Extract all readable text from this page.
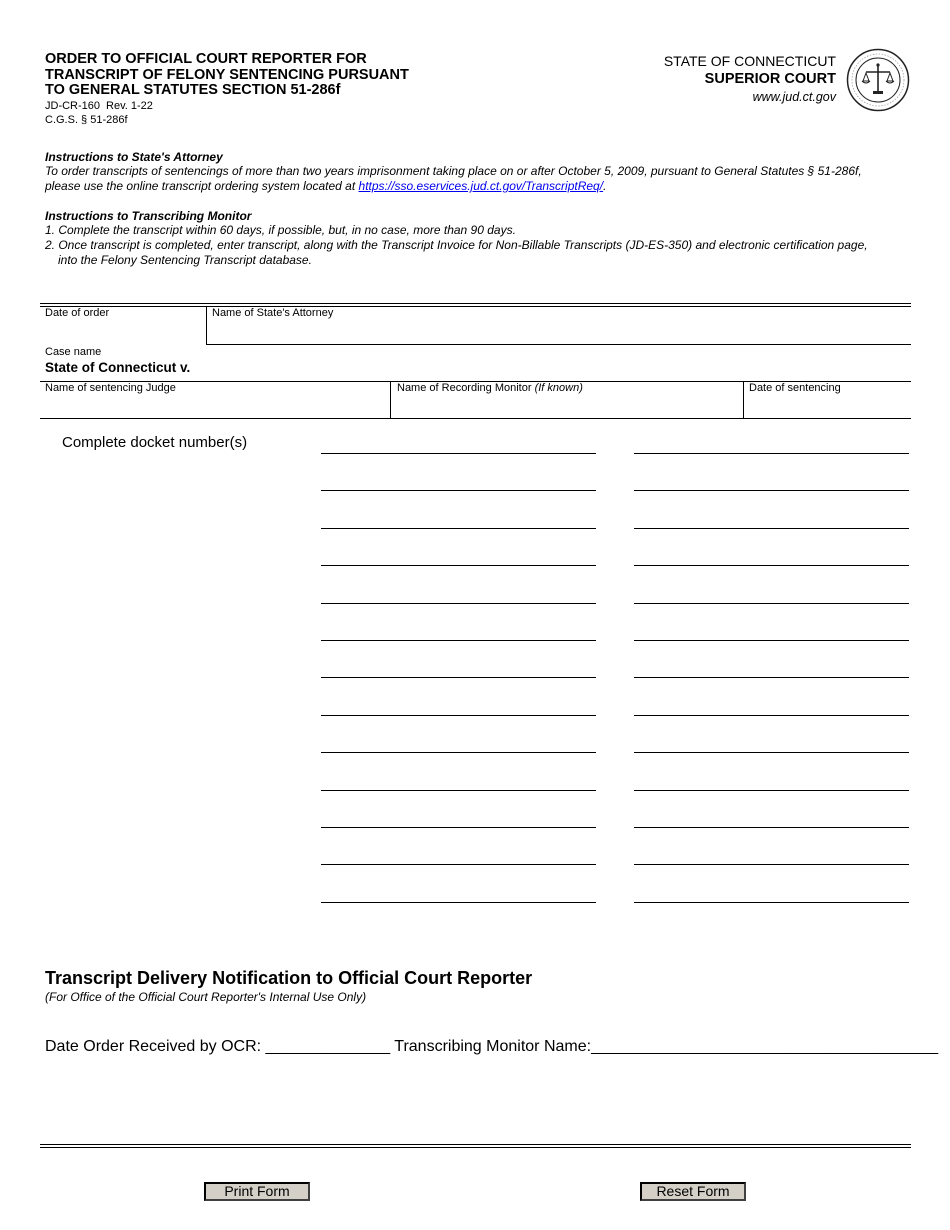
ORDER TO OFFICIAL COURT REPORTER FOR
TRANSCRIPT OF FELONY SENTENCING PURSUANT
TO GENERAL STATUTES SECTION 51-286f
JD-CR-160 Rev. 1-22
C.G.S. § 51-286f
STATE OF CONNECTICUT
SUPERIOR COURT
www.jud.ct.gov
Instructions to State's Attorney
To order transcripts of sentencings of more than two years imprisonment taking place on or after October 5, 2009, pursuant to General Statutes § 51-286f,
please use the online transcript ordering system located at https://sso.eservices.jud.ct.gov/TranscriptReq/.
Instructions to Transcribing Monitor
1. Complete the transcript within 60 days, if possible, but, in no case, more than 90 days.
2. Once transcript is completed, enter transcript, along with the Transcript Invoice for Non-Billable Transcripts (JD-ES-350) and electronic certification page,
into the Felony Sentencing Transcript database.
Date of order	Name of State's Attorney
Case name
State of Connecticut v.
Name of sentencing Judge	Name of Recording Monitor (If known)	Date of sentencing
Complete docket number(s)
Transcript Delivery Notification to Official Court Reporter
(For Office of the Official Court Reporter's Internal Use Only)
Date Order Received by OCR: ______________ Transcribing Monitor Name:_______________________________________
Print Form	Reset Form
